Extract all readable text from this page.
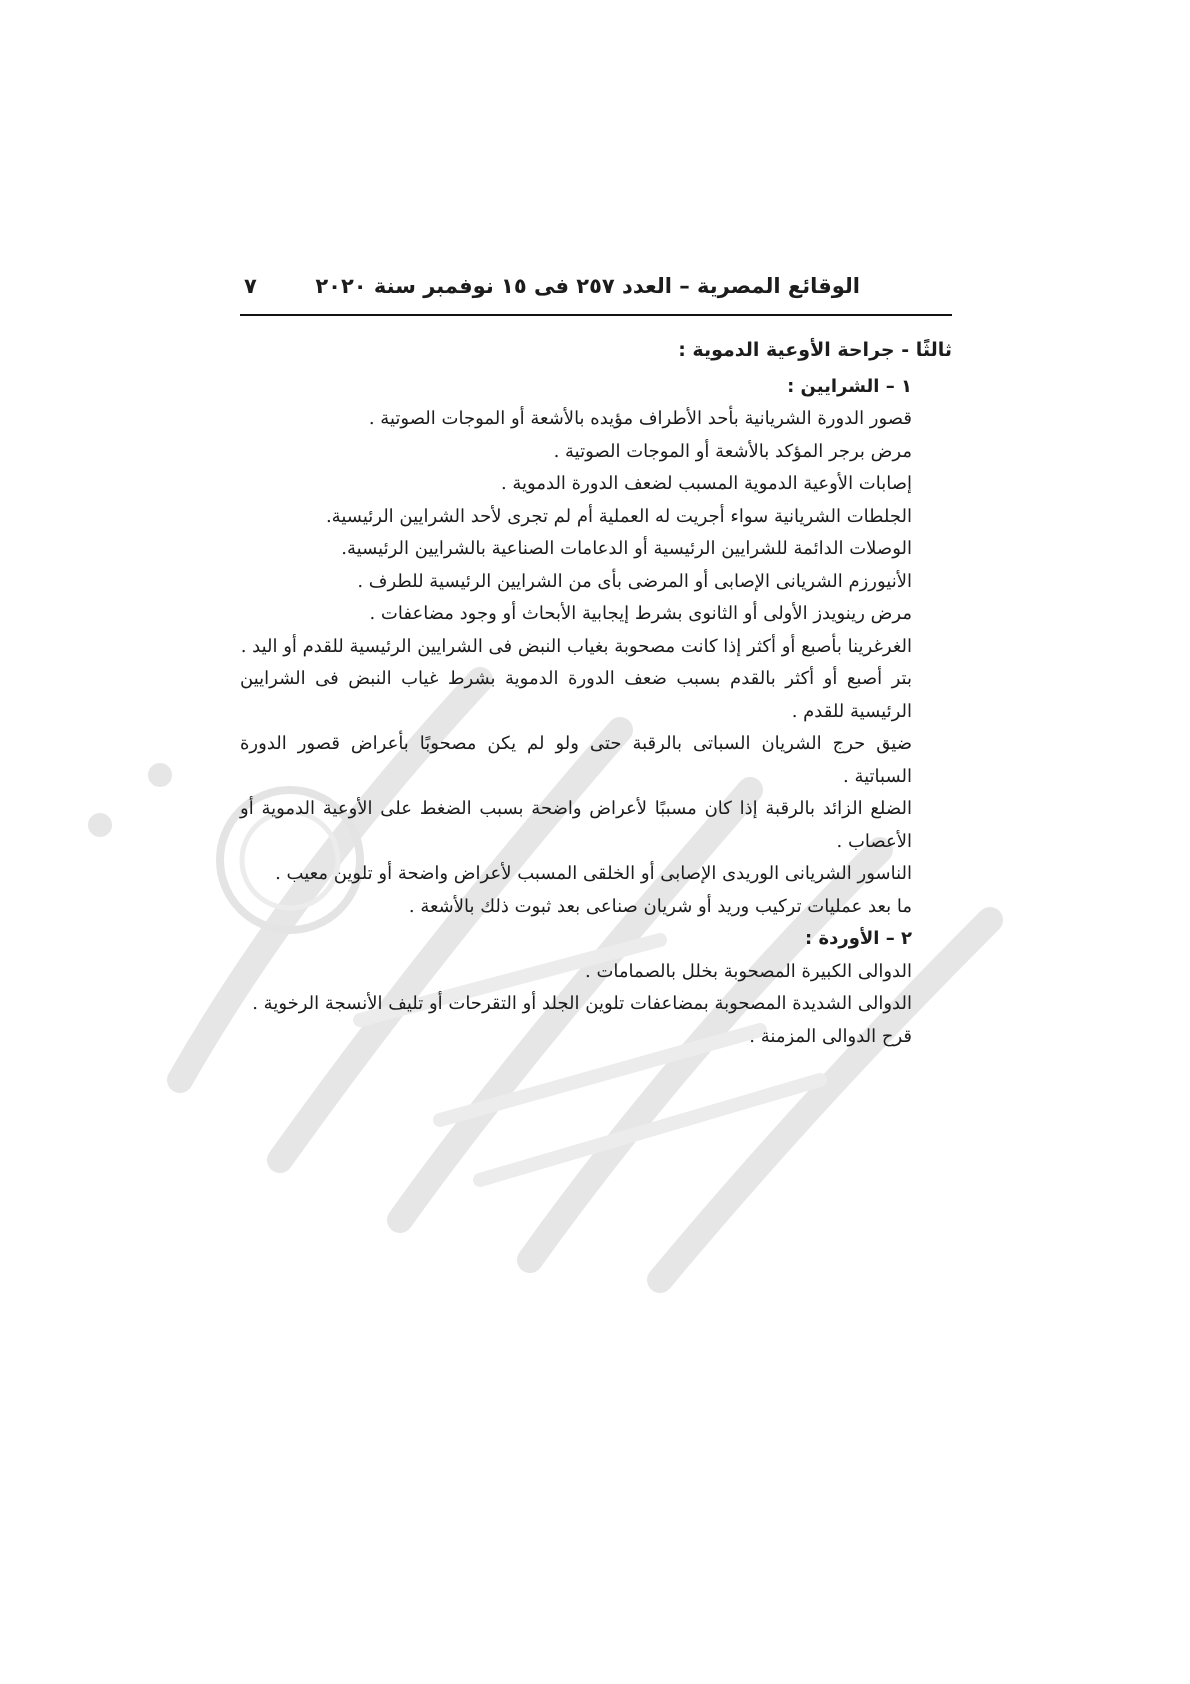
الوقائع المصرية – العدد ٢٥٧ فى ١٥ نوفمبر سنة ٢٠٢٠
٧
ثالثًا - جراحة الأوعية الدموية :
١ – الشرايين :
قصور الدورة الشريانية بأحد الأطراف مؤيده بالأشعة أو الموجات الصوتية .
مرض برجر المؤكد بالأشعة أو الموجات الصوتية .
إصابات الأوعية الدموية المسبب لضعف الدورة الدموية .
الجلطات الشريانية سواء أجريت له العملية أم لم تجرى لأحد الشرايين الرئيسية.
الوصلات الدائمة للشرايين الرئيسية أو الدعامات الصناعية بالشرايين الرئيسية.
الأنيورزم الشريانى الإصابى أو المرضى بأى من الشرايين الرئيسية للطرف .
مرض رينويدز الأولى أو الثانوى بشرط إيجابية الأبحاث أو وجود مضاعفات .
الغرغرينا بأصبع أو أكثر إذا كانت مصحوبة بغياب النبض فى الشرايين الرئيسية للقدم أو اليد .
بتر أصبع أو أكثر بالقدم بسبب ضعف الدورة الدموية بشرط غياب النبض فى الشرايين الرئيسية للقدم .
ضيق حرج الشريان السباتى بالرقبة حتى ولو لم يكن مصحوبًا بأعراض قصور الدورة السباتية .
الضلع الزائد بالرقبة إذا كان مسببًا لأعراض واضحة بسبب الضغط على الأوعية الدموية أو الأعصاب .
الناسور الشريانى الوريدى الإصابى أو الخلقى المسبب لأعراض واضحة أو تلوين معيب .
ما بعد عمليات تركيب وريد أو شريان صناعى بعد ثبوت ذلك بالأشعة .
٢ – الأوردة :
الدوالى الكبيرة المصحوبة بخلل بالصمامات .
الدوالى الشديدة المصحوبة بمضاعفات تلوين الجلد أو التقرحات أو تليف الأنسجة الرخوية .
قرح الدوالى المزمنة .
